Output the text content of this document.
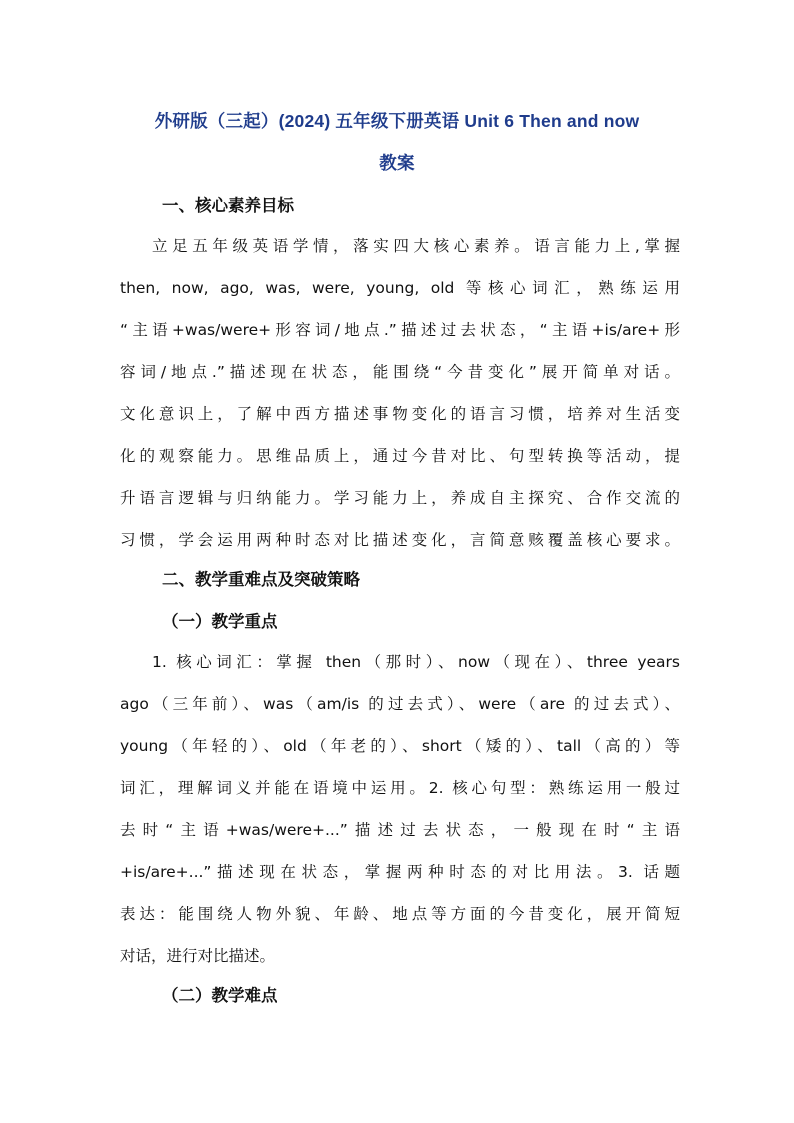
外研版（三起）(2024) 五年级下册英语 Unit 6 Then and now
教案
一、核心素养目标
立足五年级英语学情，落实四大核心素养。语言能力上,掌握
then, now, ago, was, were, young, old 等核心词汇，熟练运用
“主语+was/were+形容词/地点.”描述过去状态，“主语+is/are+形
容词/地点.”描述现在状态，能围绕“今昔变化”展开简单对话。
文化意识上，了解中西方描述事物变化的语言习惯，培养对生活变
化的观察能力。思维品质上，通过今昔对比、句型转换等活动，提
升语言逻辑与归纳能力。学习能力上，养成自主探究、合作交流的
习惯，学会运用两种时态对比描述变化，言简意赅覆盖核心要求。
二、教学重难点及突破策略
（一）教学重点
1. 核心词汇：掌握 then（那时）、now（现在）、three years
ago（三年前）、was（am/is 的过去式）、were（are 的过去式）、
young（年轻的）、old（年老的）、short（矮的）、tall（高的）等
词汇，理解词义并能在语境中运用。2. 核心句型：熟练运用一般过
去时“主语+was/were+...”描述过去状态，一般现在时“主语
+is/are+...”描述现在状态，掌握两种时态的对比用法。3. 话题
表达：能围绕人物外貌、年龄、地点等方面的今昔变化，展开简短
对话，进行对比描述。
（二）教学难点
